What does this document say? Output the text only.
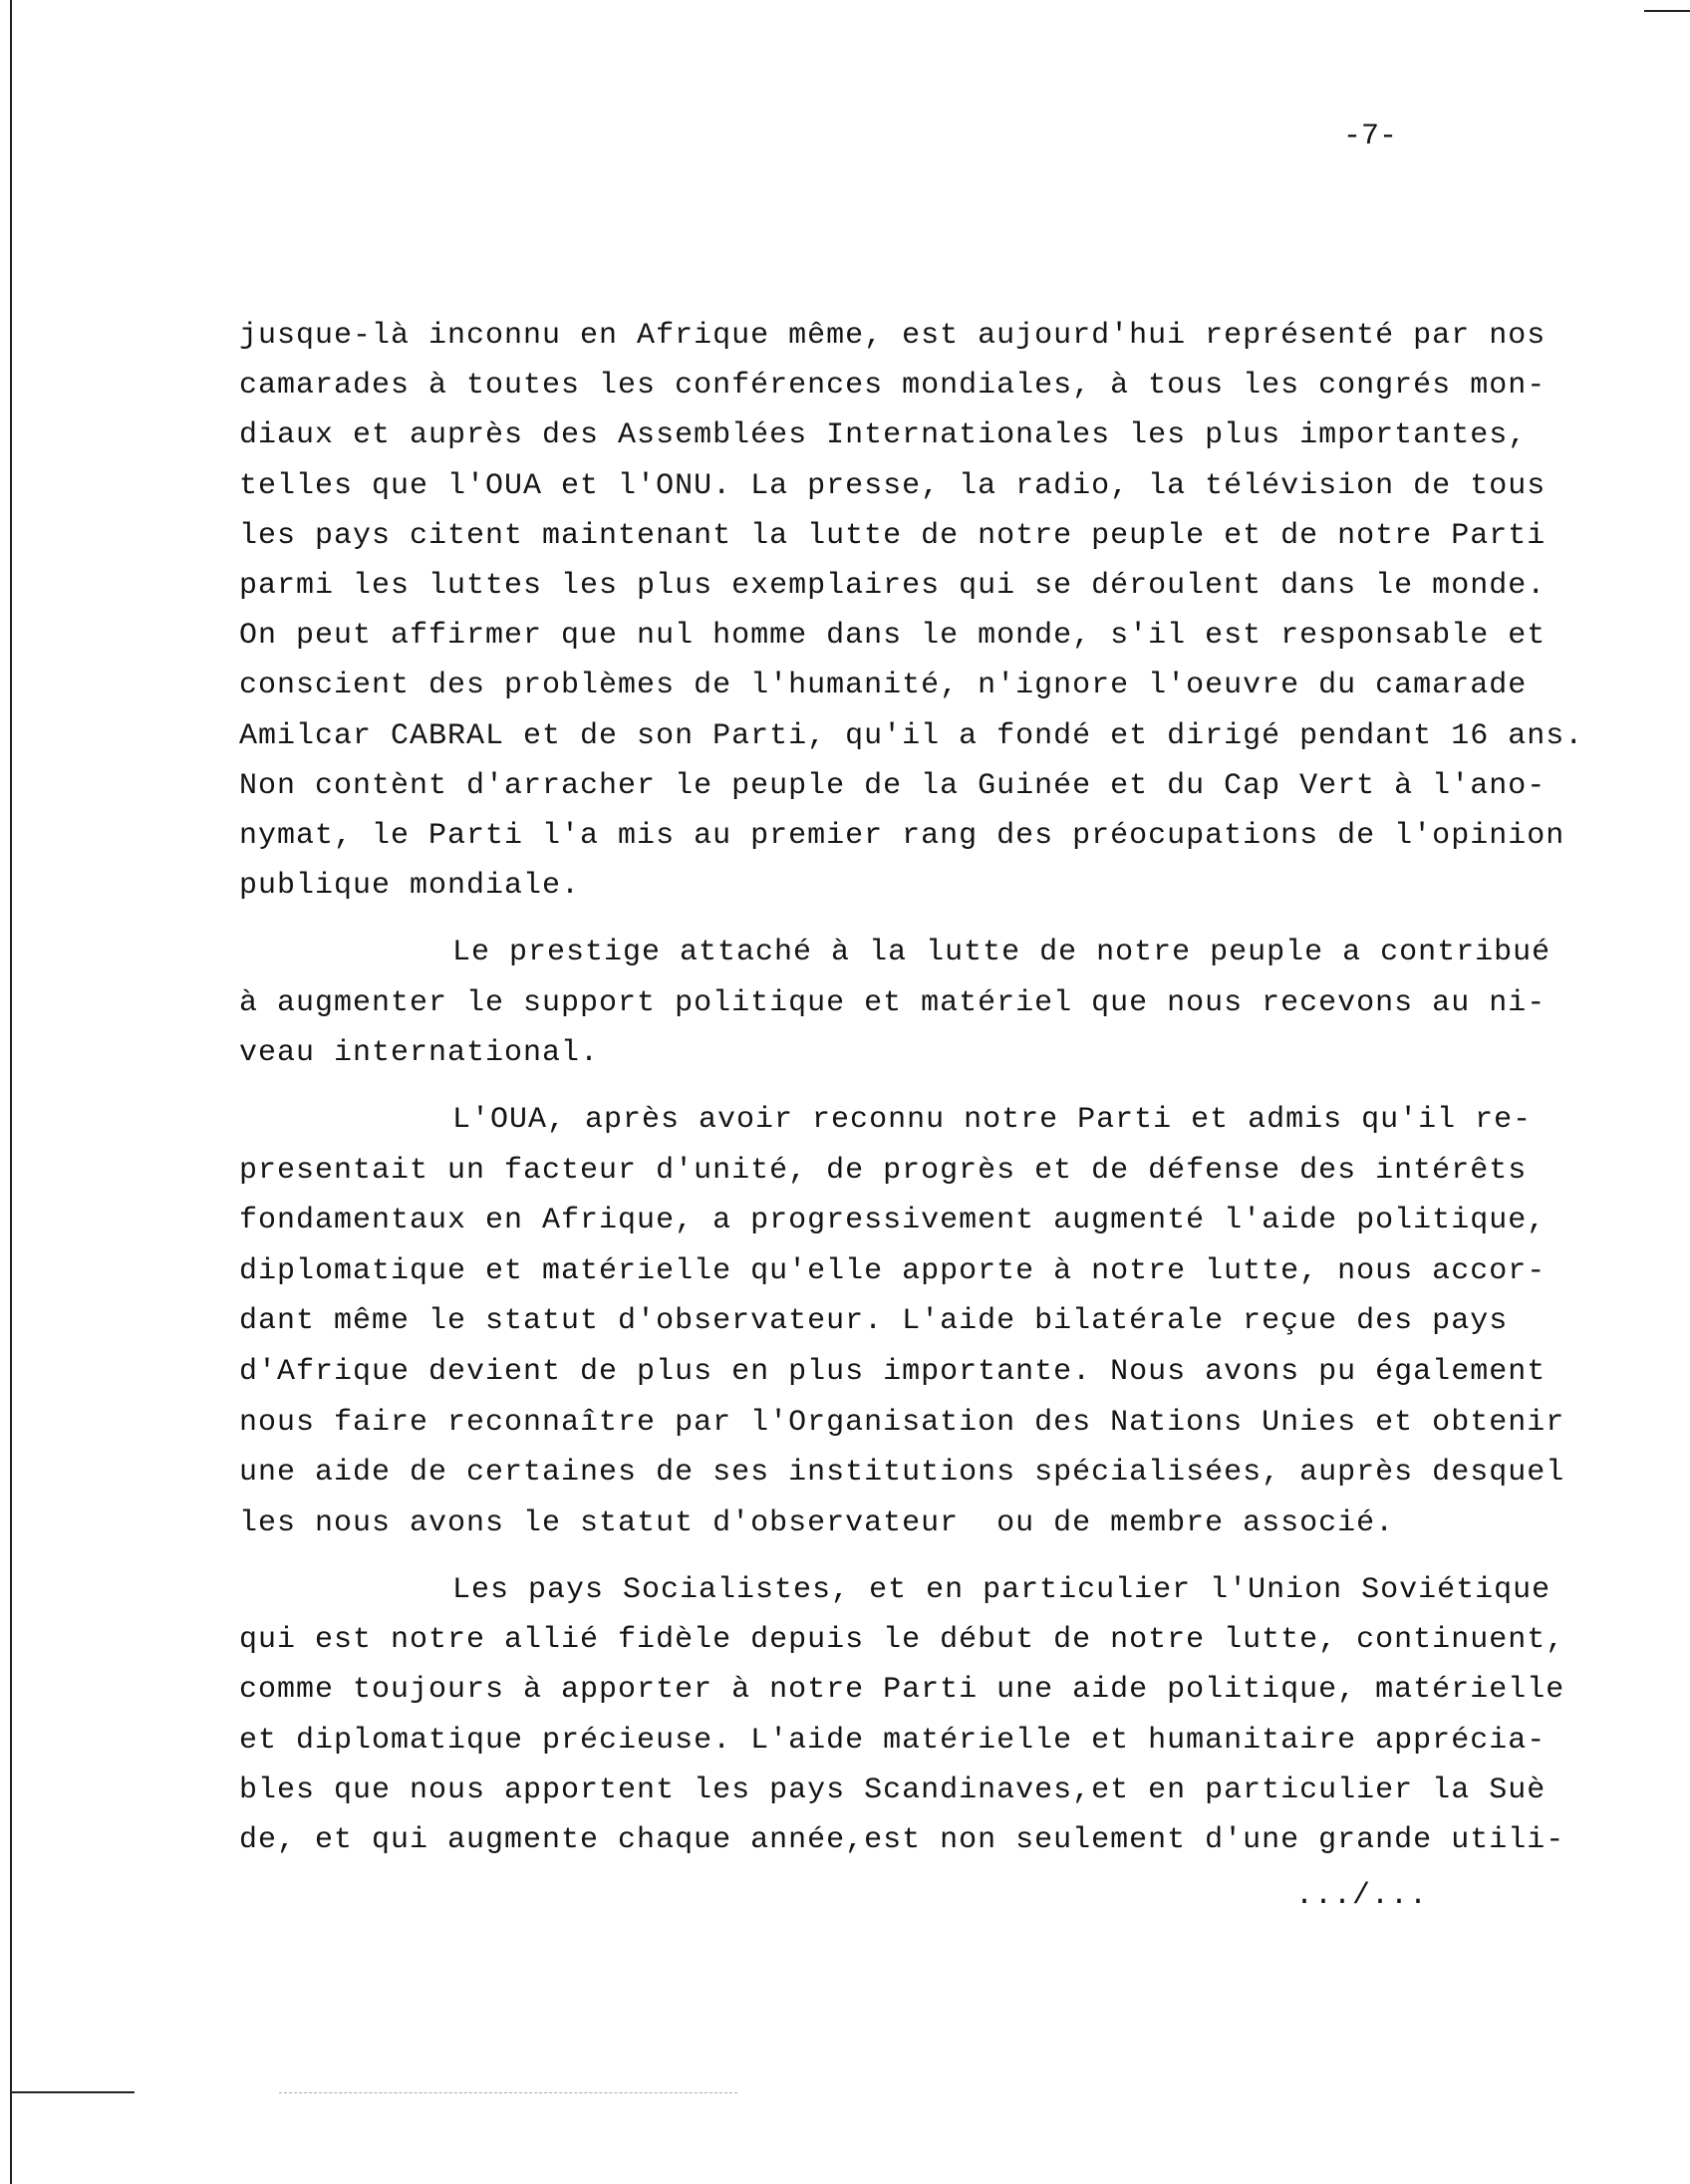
-7-
jusque-là inconnu en Afrique même, est aujourd'hui représenté par nos
camarades à toutes les conférences mondiales, à tous les congrés mon-
diaux et auprès des Assemblées Internationales les plus importantes,
telles que l'OUA et l'ONU. La presse, la radio, la télévision de tous
les pays citent maintenant la lutte de notre peuple et de notre Parti
parmi les luttes les plus exemplaires qui se déroulent dans le monde.
On peut affirmer que nul homme dans le monde, s'il est responsable et
conscient des problèmes de l'humanité, n'ignore l'oeuvre du camarade
Amilcar CABRAL et de son Parti, qu'il a fondé et dirigé pendant 16 ans.
Non contènt d'arracher le peuple de la Guinée et du Cap Vert à l'ano-
nymat, le Parti l'a mis au premier rang des préocupations de l'opinion
publique mondiale.
Le prestige attaché à la lutte de notre peuple a contribué
à augmenter le support politique et matériel que nous recevons au ni-
veau international.
L'OUA, après avoir reconnu notre Parti et admis qu'il re-
presentait un facteur d'unité, de progrès et de défense des intérêts
fondamentaux en Afrique, a progressivement augmenté l'aide politique,
diplomatique et matérielle qu'elle apporte à notre lutte, nous accor-
dant même le statut d'observateur. L'aide bilatérale reçue des pays
d'Afrique devient de plus en plus importante. Nous avons pu également
nous faire reconnaître par l'Organisation des Nations Unies et obtenir
une aide de certaines de ses institutions spécialisées, auprès desquel
les nous avons le statut d'observateur  ou de membre associé.
Les pays Socialistes, et en particulier l'Union Soviétique
qui est notre allié fidèle depuis le début de notre lutte, continuent,
comme toujours à apporter à notre Parti une aide politique, matérielle
et diplomatique précieuse. L'aide matérielle et humanitaire apprécia-
bles que nous apportent les pays Scandinaves,et en particulier la Suè
de, et qui augmente chaque année,est non seulement d'une grande utili-
.../...
